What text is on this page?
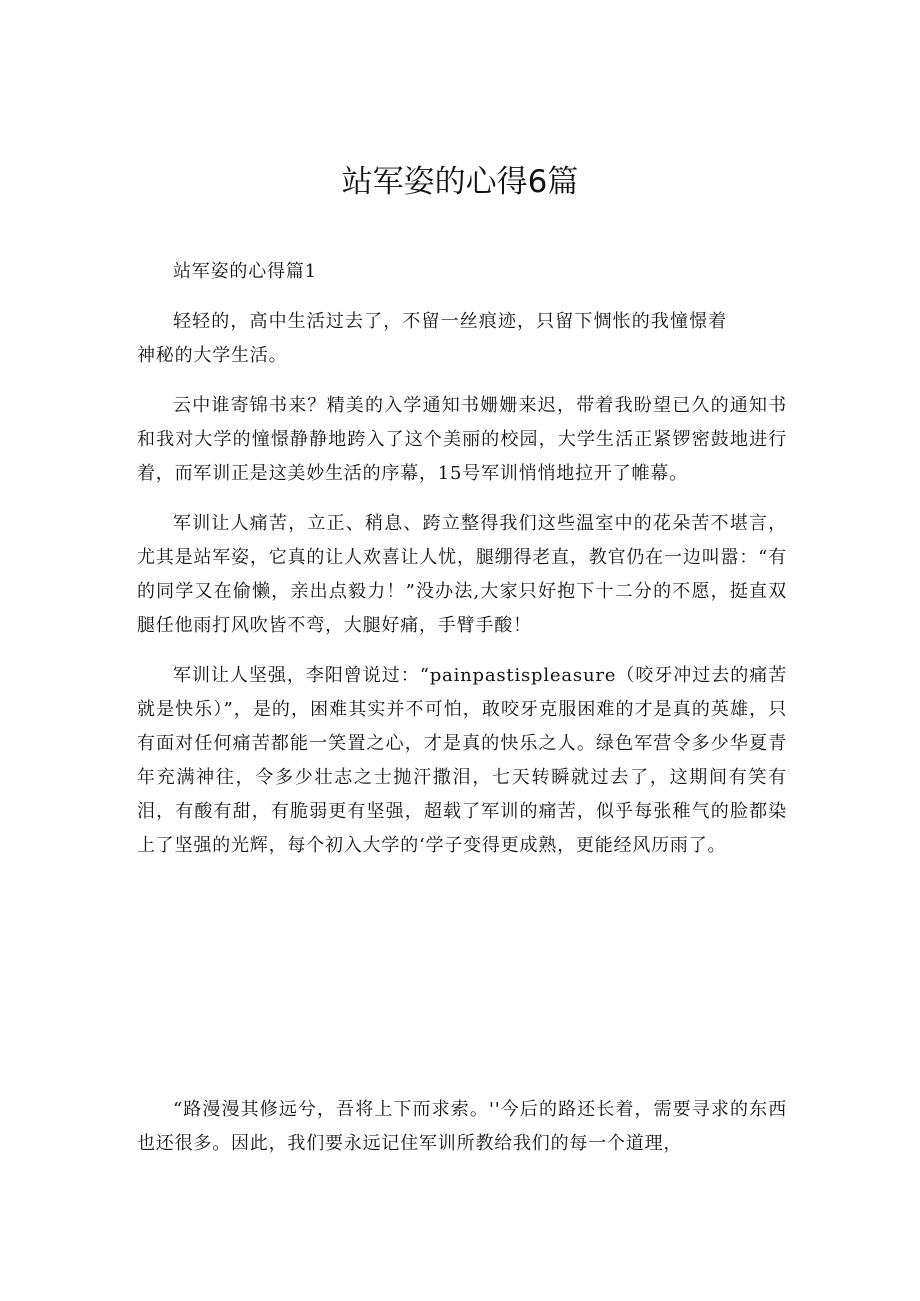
站军姿的心得6篇

站军姿的心得篇1

轻轻的，高中生活过去了，不留一丝痕迹，只留下惆怅的我憧憬着神秘的大学生活。

云中谁寄锦书来？精美的入学通知书姗姗来迟，带着我盼望已久的通知书和我对大学的憧憬静静地跨入了这个美丽的校园，大学生活正紧锣密鼓地进行着，而军训正是这美妙生活的序幕，15号军训悄悄地拉开了帷幕。

军训让人痛苦，立正、稍息、跨立整得我们这些温室中的花朵苦不堪言，尤其是站军姿，它真的让人欢喜让人忧，腿绷得老直，教官仍在一边叫嚣：“有的同学又在偷懒，亲出点毅力！”没办法,大家只好抱下十二分的不愿，挺直双腿任他雨打风吹皆不弯，大腿好痛，手臂手酸！

军训让人坚强，李阳曾说过：“painpastispleasure（咬牙冲过去的痛苦就是快乐）”，是的，困难其实并不可怕，敢咬牙克服困难的才是真的英雄，只有面对任何痛苦都能一笑置之心，才是真的快乐之人。绿色军营令多少华夏青年充满神往，令多少壮志之士抛汗撒泪，七天转瞬就过去了，这期间有笑有泪，有酸有甜，有脆弱更有坚强，超载了军训的痛苦，似乎每张稚气的脸都染上了坚强的光辉，每个初入大学的‘学子变得更成熟，更能经风历雨了。

“路漫漫其修远兮，吾将上下而求索。''今后的路还长着，需要寻求的东西也还很多。因此，我们要永远记住军训所教给我们的每一个道理，
